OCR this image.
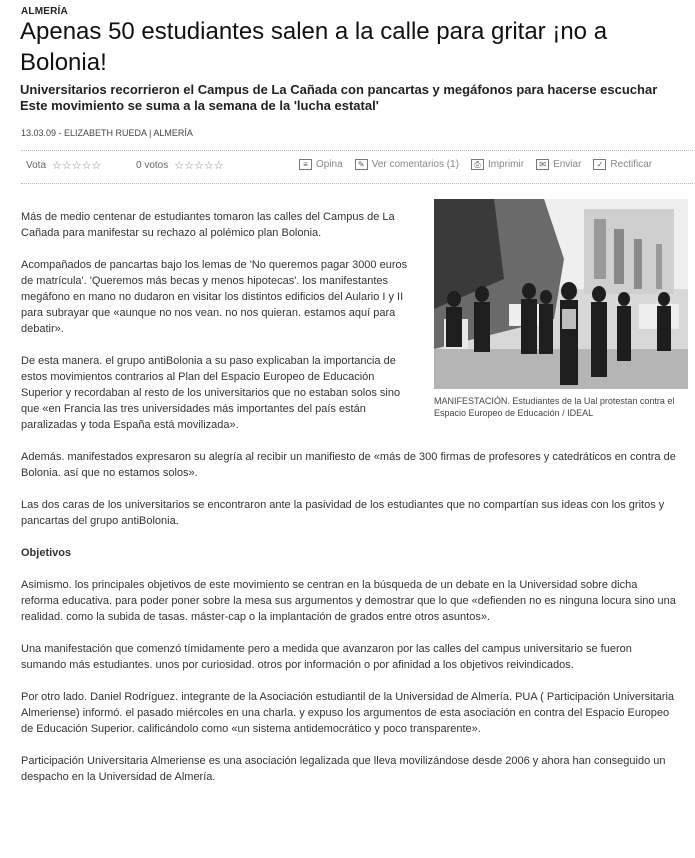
ALMERÍA
Apenas 50 estudiantes salen a la calle para gritar ¡no a Bolonia!
Universitarios recorrieron el Campus de La Cañada con pancartas y megáfonos para hacerse escuchar
Este movimiento se suma a la semana de la 'lucha estatal'
13.03.09 - ELIZABETH RUEDA | ALMERÍA
Vota ☆☆☆☆☆	0 votos ☆☆☆☆☆	≡ Opina	✎ Ver comentarios (1)	⎙ Imprimir	✉ Enviar	✓ Rectificar
MANIFESTACIÓN. Estudiantes de la Ual protestan contra el Espacio Europeo de Educación / IDEAL

Más de medio centenar de estudiantes tomaron las calles del Campus de La Cañada para manifestar su rechazo al polémico plan Bolonia.

Acompañados de pancartas bajo los lemas de 'No queremos pagar 3000 euros de matrícula'. 'Queremos más becas y menos hipotecas'. los manifestantes megáfono en mano no dudaron en visitar los distintos edificios del Aulario I y II para subrayar que «aunque no nos vean. no nos quieran. estamos aquí para debatir».

De esta manera. el grupo antiBolonia a su paso explicaban la importancia de estos movimientos contrarios al Plan del Espacio Europeo de Educación Superior y recordaban al resto de los universitarios que no estaban solos sino que «en Francia las tres universidades más importantes del país están paralizadas y toda España está movilizada».

Además. manifestados expresaron su alegría al recibir un manifiesto de «más de 300 firmas de profesores y catedráticos en contra de Bolonia. así que no estamos solos».

Las dos caras de los universitarios se encontraron ante la pasividad de los estudiantes que no compartían sus ideas con los gritos y pancartas del grupo antiBolonia.

Objetivos

Asimismo. los principales objetivos de este movimiento se centran en la búsqueda de un debate en la Universidad sobre dicha reforma educativa. para poder poner sobre la mesa sus argumentos y demostrar que lo que «defienden no es ninguna locura sino una realidad. como la subida de tasas. máster-cap o la implantación de grados entre otros asuntos».

Una manifestación que comenzó tímidamente pero a medida que avanzaron por las calles del campus universitario se fueron sumando más estudiantes. unos por curiosidad. otros por información o por afinidad a los objetivos reivindicados.

Por otro lado. Daniel Rodríguez. integrante de la Asociación estudiantil de la Universidad de Almería. PUA ( Participación Universitaria Almeriense) informó. el pasado miércoles en una charla. y expuso los argumentos de esta asociación en contra del Espacio Europeo de Educación Superior. calificándolo como «un sistema antidemocrático y poco transparente».

Participación Universitaria Almeriense es una asociación legalizada que lleva movilizándose desde 2006 y ahora han conseguido un despacho en la Universidad de Almería.
